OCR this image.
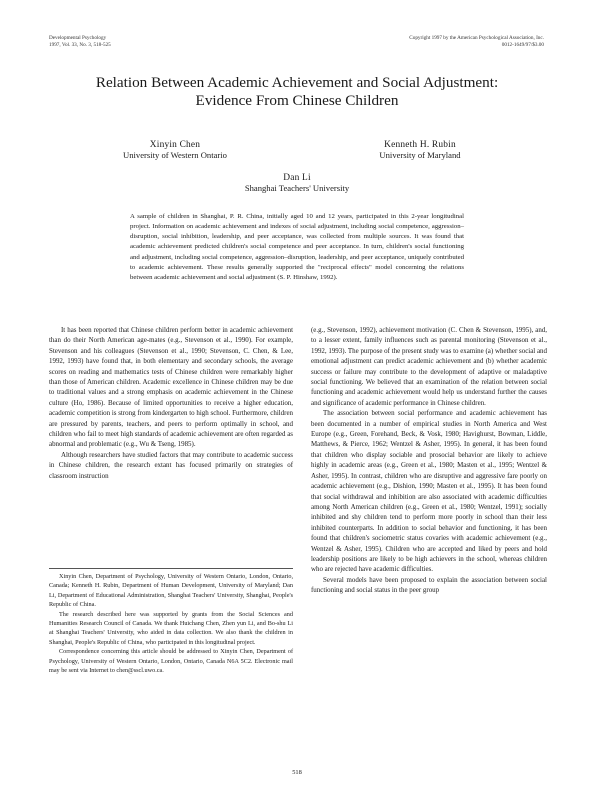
Developmental Psychology
1997, Vol. 33, No. 3, 518-525
Copyright 1997 by the American Psychological Association, Inc.
0012-1649/97/$3.00
Relation Between Academic Achievement and Social Adjustment:
Evidence From Chinese Children
Xinyin Chen
University of Western Ontario
Kenneth H. Rubin
University of Maryland
Dan Li
Shanghai Teachers' University
A sample of children in Shanghai, P. R. China, initially aged 10 and 12 years, participated in this 2-year longitudinal project. Information on academic achievement and indexes of social adjustment, including social competence, aggression–disruption, social inhibition, leadership, and peer acceptance, was collected from multiple sources. It was found that academic achievement predicted children's social competence and peer acceptance. In turn, children's social functioning and adjustment, including social competence, aggression–disruption, leadership, and peer acceptance, uniquely contributed to academic achievement. These results generally supported the "reciprocal effects" model concerning the relations between academic achievement and social adjustment (S. P. Hinshaw, 1992).

It has been reported that Chinese children perform better in academic achievement than do their North American age-mates (e.g., Stevenson et al., 1990). For example, Stevenson and his colleagues (Stevenson et al., 1990; Stevenson, C. Chen, & Lee, 1992, 1993) have found that, in both elementary and secondary schools, the average scores on reading and mathematics tests of Chinese children were remarkably higher than those of American children. Academic excellence in Chinese children may be due to traditional values and a strong emphasis on academic achievement in the Chinese culture (Ho, 1986). Because of limited opportunities to receive a higher education, academic competition is strong from kindergarten to high school. Furthermore, children are pressured by parents, teachers, and peers to perform optimally in school, and children who fail to meet high standards of academic achievement are often regarded as abnormal and problematic (e.g., Wu & Tseng, 1985).

Although researchers have studied factors that may contribute to academic success in Chinese children, the research extant has focused primarily on strategies of classroom instruction

(e.g., Stevenson, 1992), achievement motivation (C. Chen & Stevenson, 1995), and, to a lesser extent, family influences such as parental monitoring (Stevenson et al., 1992, 1993). The purpose of the present study was to examine (a) whether social and emotional adjustment can predict academic achievement and (b) whether academic success or failure may contribute to the development of adaptive or maladaptive social functioning. We believed that an examination of the relation between social functioning and academic achievement would help us understand further the causes and significance of academic performance in Chinese children.

The association between social performance and academic achievement has been documented in a number of empirical studies in North America and West Europe (e.g., Green, Forehand, Beck, & Vosk, 1980; Havighurst, Bowman, Liddle, Matthews, & Pierce, 1962; Wentzel & Asher, 1995). In general, it has been found that children who display sociable and prosocial behavior are likely to achieve highly in academic areas (e.g., Green et al., 1980; Masten et al., 1995; Wentzel & Asher, 1995). In contrast, children who are disruptive and aggressive fare poorly on academic achievement (e.g., Dishion, 1990; Masten et al., 1995). It has been found that social withdrawal and inhibition are also associated with academic difficulties among North American children (e.g., Green et al., 1980; Wentzel, 1991); socially inhibited and shy children tend to perform more poorly in school than their less inhibited counterparts. In addition to social behavior and functioning, it has been found that children's sociometric status covaries with academic achievement (e.g., Wentzel & Asher, 1995). Children who are accepted and liked by peers and hold leadership positions are likely to be high achievers in the school, whereas children who are rejected have academic difficulties.

Several models have been proposed to explain the association between social functioning and social status in the peer group

Xinyin Chen, Department of Psychology, University of Western Ontario, London, Ontario, Canada; Kenneth H. Rubin, Department of Human Development, University of Maryland; Dan Li, Department of Educational Administration, Shanghai Teachers' University, Shanghai, People's Republic of China.

The research described here was supported by grants from the Social Sciences and Humanities Research Council of Canada. We thank Huichang Chen, Zhen yun Li, and Bo-shu Li at Shanghai Teachers' University, who aided in data collection. We also thank the children in Shanghai, People's Republic of China, who participated in this longitudinal project.

Correspondence concerning this article should be addressed to Xinyin Chen, Department of Psychology, University of Western Ontario, London, Ontario, Canada N6A 5C2. Electronic mail may be sent via Internet to chen@sscl.uwo.ca.

518
